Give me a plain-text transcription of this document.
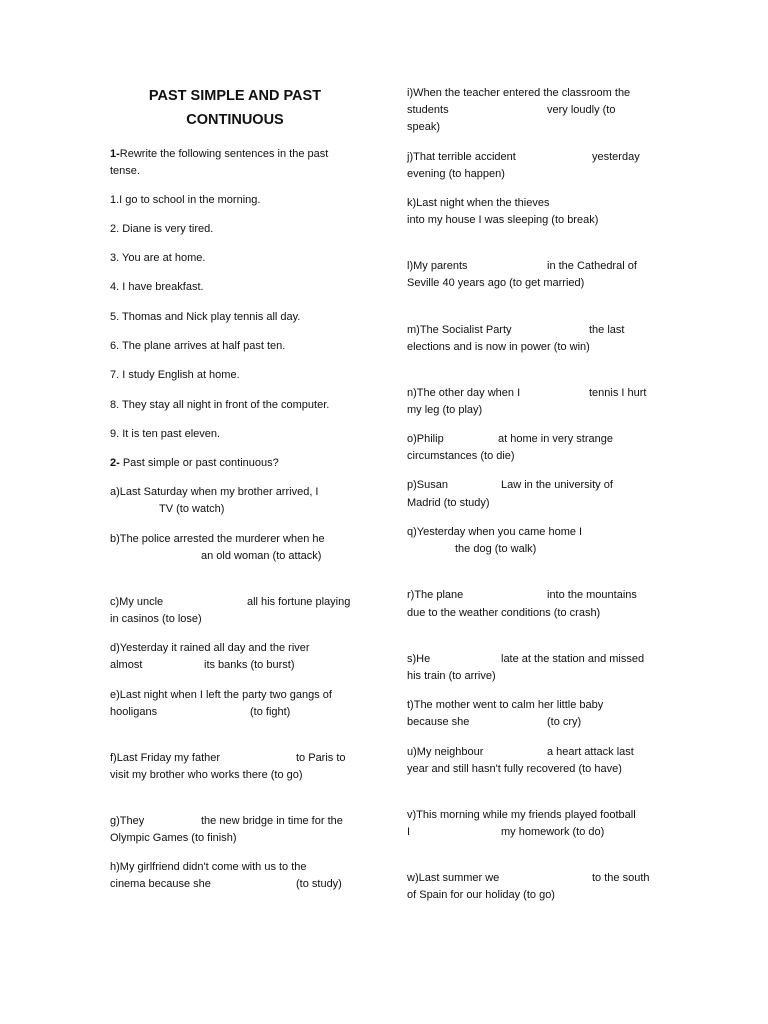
PAST SIMPLE AND PAST
CONTINUOUS
1-Rewrite the following sentences in the past
tense.
1.I go to school in the morning.
2. Diane is very tired.
3. You are at home.
4. I have breakfast.
5. Thomas and Nick play tennis all day.
6. The plane arrives at half past ten.
7. I study English at home.
8. They stay all night in front of the computer.
9. It is ten past eleven.
2- Past simple or past continuous?
a)Last Saturday when my brother arrived, I
TV (to watch)
b)The police arrested the murderer when he
an old woman (to attack)
c)My uncle	all his fortune playing
in casinos (to lose)
d)Yesterday it rained all day and the river
almost	its banks (to burst)
e)Last night when I left the party two gangs of
hooligans	(to fight)
f)Last Friday my father	to Paris to
visit my brother who works there (to go)
g)They	the new bridge in time for the
Olympic Games (to finish)
h)My girlfriend didn't come with us to the
cinema because she	(to study)
i)When the teacher entered the classroom the
students	very loudly (to
speak)
j)That terrible accident	yesterday
evening (to happen)
k)Last night when the thieves
into my house I was sleeping (to break)
l)My parents	in the Cathedral of
Seville 40 years ago (to get married)
m)The Socialist Party	the last
elections and is now in power (to win)
n)The other day when I	tennis I hurt
my leg (to play)
o)Philip	at home in very strange
circumstances (to die)
p)Susan	Law in the university of
Madrid (to study)
q)Yesterday when you came home I
the dog (to walk)
r)The plane	into the mountains
due to the weather conditions (to crash)
s)He	late at the station and missed
his train (to arrive)
t)The mother went to calm her little baby
because she	(to cry)
u)My neighbour	a heart attack last
year and still hasn't fully recovered (to have)
v)This morning while my friends played football
I	my homework (to do)
w)Last summer we	to the south
of Spain for our holiday (to go)
